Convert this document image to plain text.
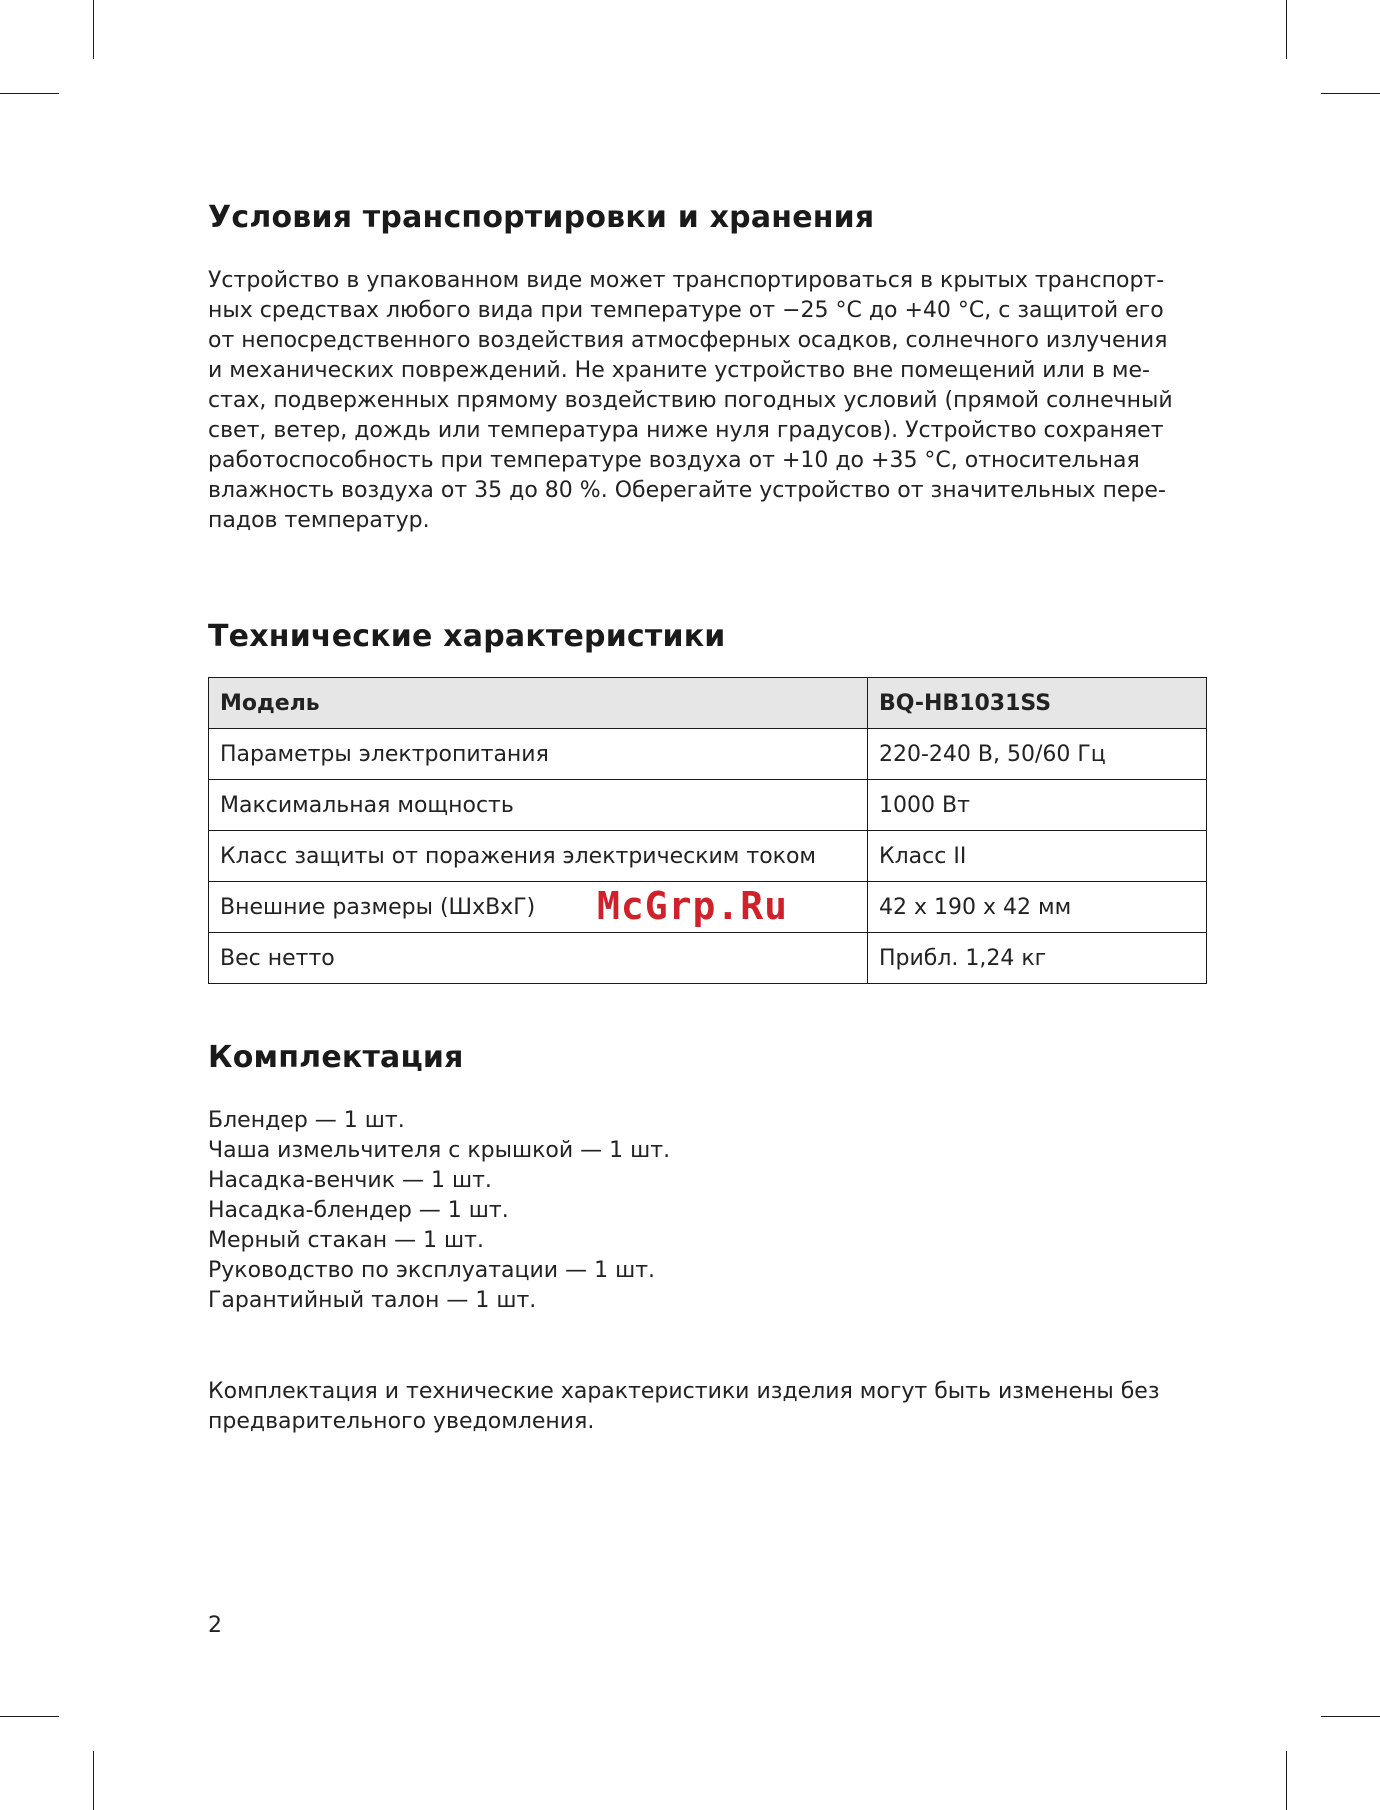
Условия транспортировки и хранения

Устройство в упакованном виде может транспортироваться в крытых транспорт-
ных средствах любого вида при температуре от −25 °С до +40 °С, с защитой его
от непосредственного воздействия атмосферных осадков, солнечного излучения
и механических повреждений. Не храните устройство вне помещений или в ме-
стах, подверженных прямому воздействию погодных условий (прямой солнечный
свет, ветер, дождь или температура ниже нуля градусов). Устройство сохраняет
работоспособность при температуре воздуха от +10 до +35 °С, относительная
влажность воздуха от 35 до 80 %. Оберегайте устройство от значительных пере-
падов температур.

Технические характеристики
Модель	BQ-HB1031SS
Параметры электропитания	220-240 В, 50/60 Гц
Максимальная мощность	1000 Вт
Класс защиты от поражения электрическим током	Класс II
Внешние размеры (ШхВхГ)	42 х 190 х 42 мм
Вес нетто	Прибл. 1,24 кг
Комплектация
Блендер — 1 шт.
Чаша измельчителя с крышкой — 1 шт.
Насадка-венчик — 1 шт.
Насадка-блендер — 1 шт.
Мерный стакан — 1 шт.
Руководство по эксплуатации — 1 шт.
Гарантийный талон — 1 шт.

Комплектация и технические характеристики изделия могут быть изменены без
предварительного уведомления.

2
McGrp.Ru
